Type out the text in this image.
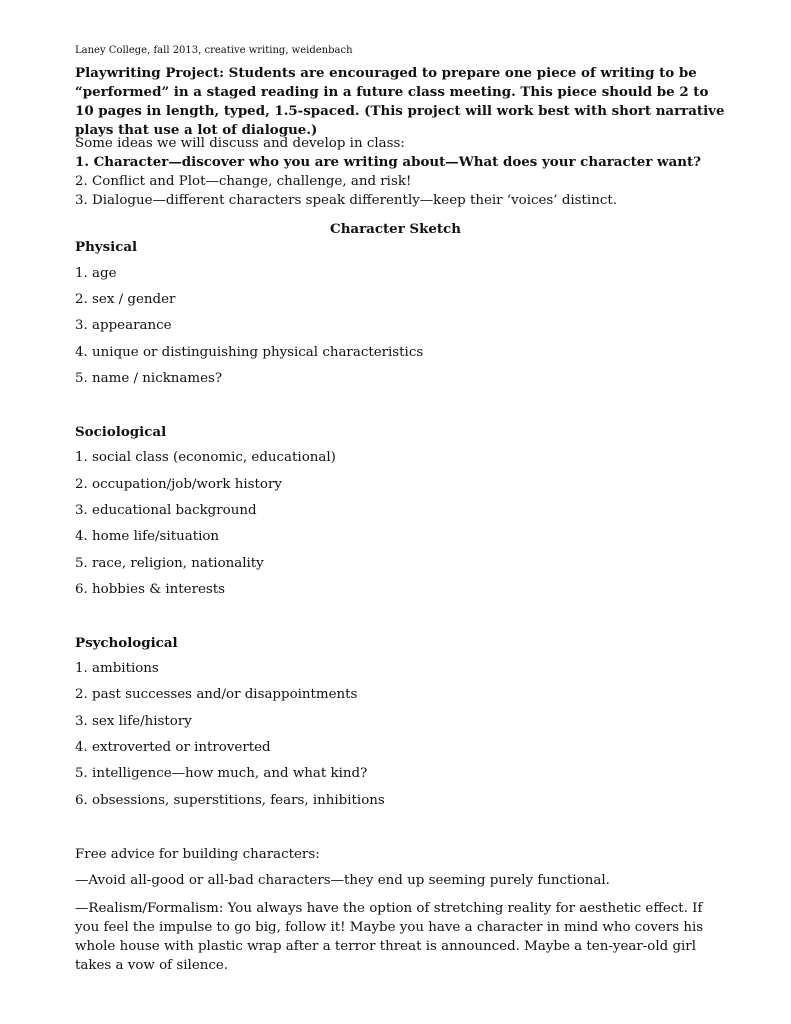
Laney College, fall 2013, creative writing, weidenbach
Playwriting Project: Students are encouraged to prepare one piece of writing to be “performed” in a staged reading in a future class meeting. This piece should be 2 to 10 pages in length, typed, 1.5-spaced. (This project will work best with short narrative plays that use a lot of dialogue.)
Some ideas we will discuss and develop in class:
1. Character—discover who you are writing about—What does your character want?
2. Conflict and Plot—change, challenge, and risk!
3. Dialogue—different characters speak differently—keep their ‘voices’ distinct.
Character Sketch
Physical
1. age
2. sex / gender
3. appearance
4. unique or distinguishing physical characteristics
5. name / nicknames?
Sociological
1. social class (economic, educational)
2. occupation/job/work history
3. educational background
4. home life/situation
5. race, religion, nationality
6. hobbies & interests
Psychological
1. ambitions
2. past successes and/or disappointments
3. sex life/history
4. extroverted or introverted
5. intelligence—how much, and what kind?
6. obsessions, superstitions, fears, inhibitions
Free advice for building characters:
—Avoid all-good or all-bad characters—they end up seeming purely functional.
—Realism/Formalism: You always have the option of stretching reality for aesthetic effect. If you feel the impulse to go big, follow it! Maybe you have a character in mind who covers his whole house with plastic wrap after a terror threat is announced. Maybe a ten-year-old girl takes a vow of silence.
